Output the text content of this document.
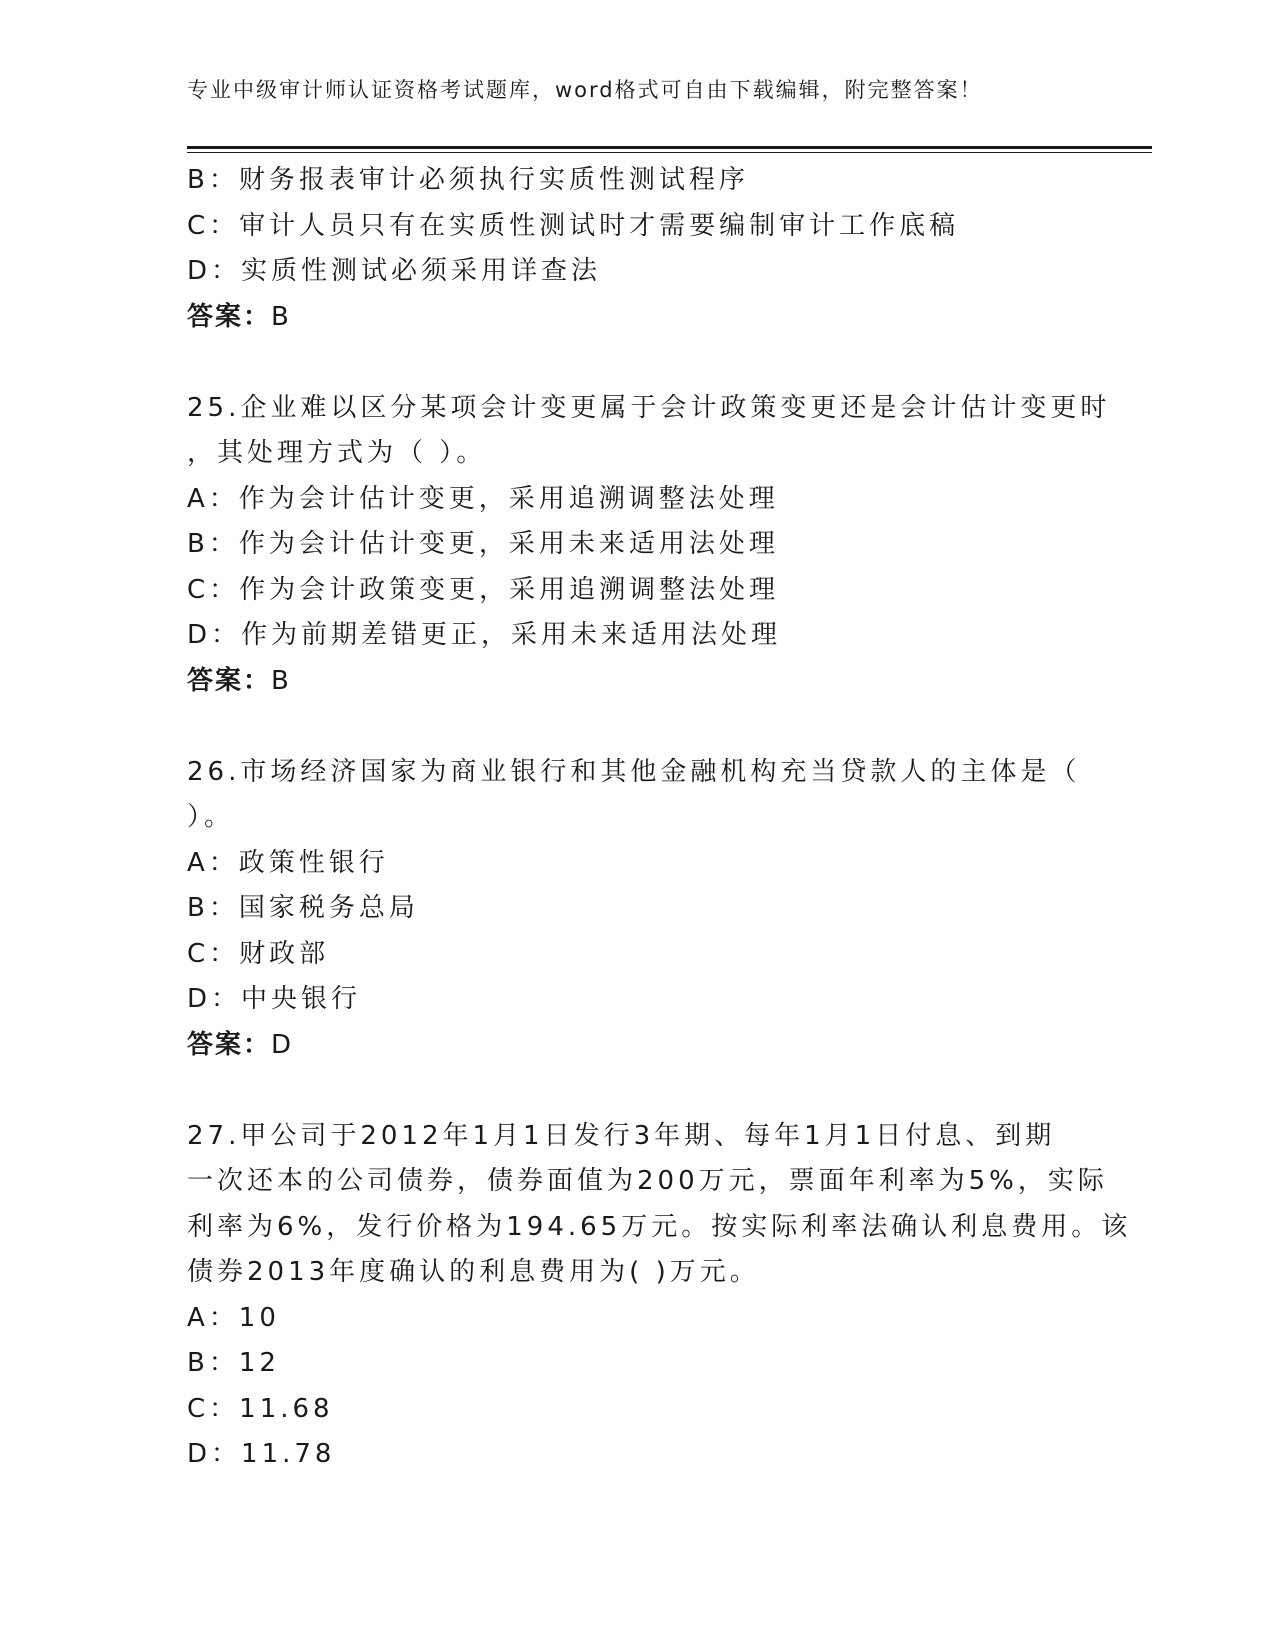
专业中级审计师认证资格考试题库，word格式可自由下载编辑，附完整答案！
B：财务报表审计必须执行实质性测试程序
C：审计人员只有在实质性测试时才需要编制审计工作底稿
D：实质性测试必须采用详查法
答案：B
25.企业难以区分某项会计变更属于会计政策变更还是会计估计变更时
，其处理方式为（ ）。
A：作为会计估计变更，采用追溯调整法处理
B：作为会计估计变更，采用未来适用法处理
C：作为会计政策变更，采用追溯调整法处理
D：作为前期差错更正，采用未来适用法处理
答案：B
26.市场经济国家为商业银行和其他金融机构充当贷款人的主体是（
）。
A：政策性银行
B：国家税务总局
C：财政部
D：中央银行
答案：D
27.甲公司于2012年1月1日发行3年期、每年1月1日付息、到期
一次还本的公司债券，债券面值为200万元，票面年利率为5%，实际
利率为6%，发行价格为194.65万元。按实际利率法确认利息费用。该
债券2013年度确认的利息费用为( )万元。
A：10
B：12
C：11.68
D：11.78
